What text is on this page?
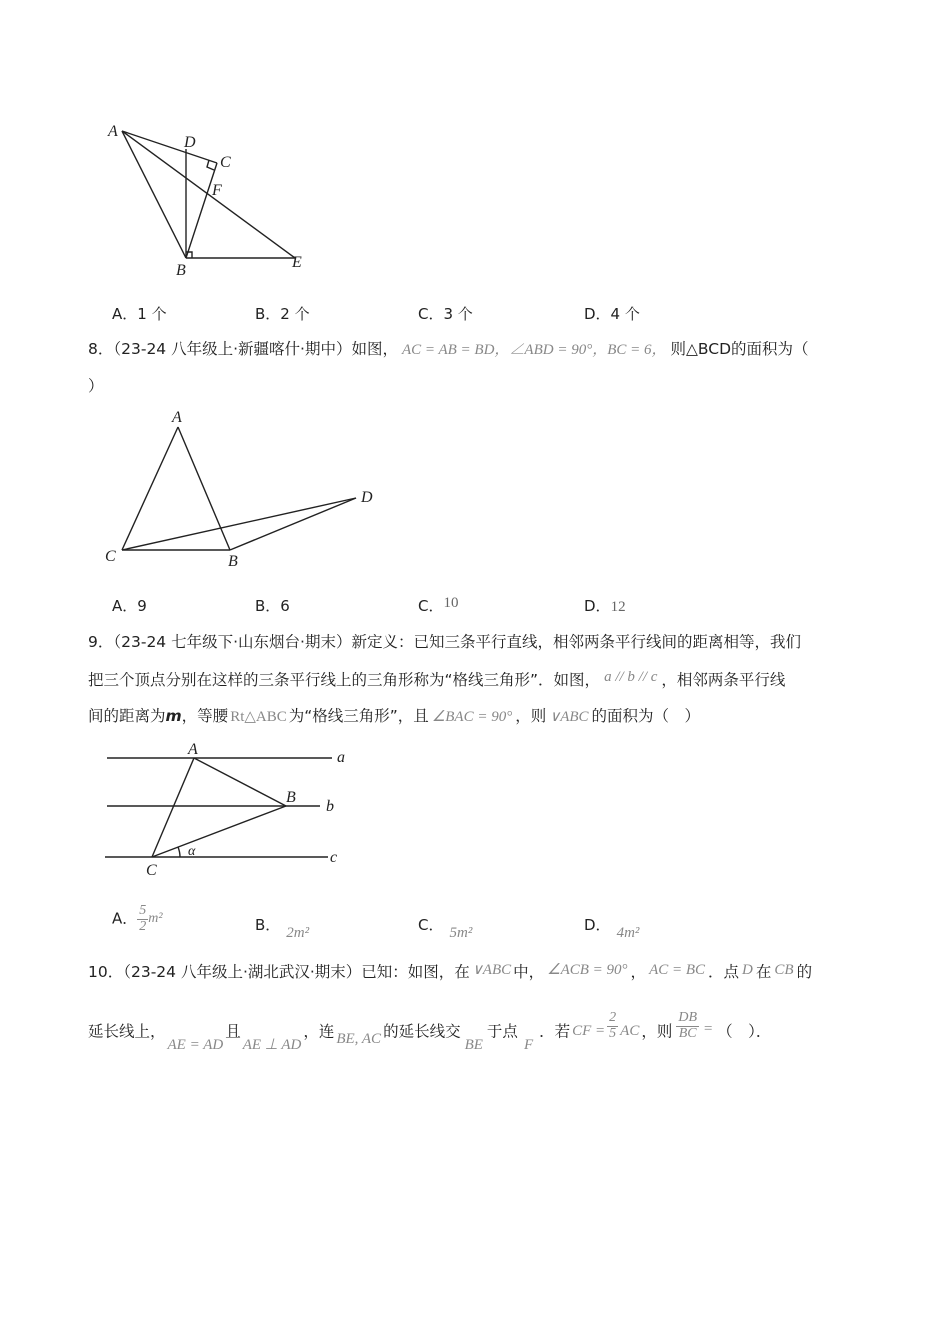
A
D
C
F
B	E
A．1 个	B．2 个	C．3 个	D．4 个
8．（23-24 八年级上·新疆喀什·期中）如图， AC = AB = BD，∠ABD = 90°，BC = 6， 则△BCD的面积为（
）
A
D
C	B
A．9	B．6	C．10	D．12
9．（23-24 七年级下·山东烟台·期末）新定义：已知三条平行直线，相邻两条平行线间的距离相等，我们
把三个顶点分别在这样的三条平行线上的三角形称为“格线三角形”．如图， a // b // c ，相邻两条平行线
间的距离为m，等腰 Rt△ABC 为“格线三角形”，且 ∠BAC = 90° ，则 ∨ABC 的面积为（　）
A
B
C
a
b
c
α
A． $\frac{5}{2} m^2$	B． 2m²	C． 5m²	D． 4m²
10．（23-24 八年级上·湖北武汉·期末）已知：如图，在 ∨ABC 中， ∠ACB = 90° ， AC = BC ．点 D 在 CB 的
延长线上，AE = AD且AE ⊥ AD，连 BE, AC 的延长线交BE于点F．若 CF = $\frac{2}{5}$ AC ，则 $\frac{DB}{BC}$ = （　）．
